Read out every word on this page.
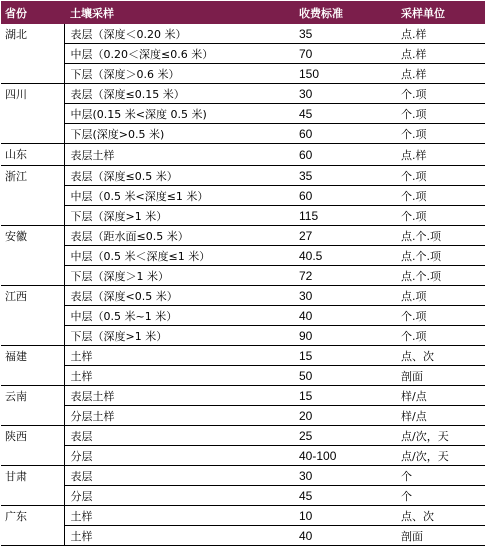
省份	土壤采样	收费标准	采样单位
湖北	表层（深度＜0.20 米）	35	点.样
	中层（0.20＜深度≤0.6 米）	70	点.样
	下层（深度＞0.6 米）	150	点.样
四川	表层（深度≤0.15 米）	30	个.项
	中层(0.15 米<深度 0.5 米)	45	个.项
	下层(深度>0.5 米)	60	个.项
山东	表层土样	60	点.样
浙江	表层（深度≤0.5 米）	35	个.项
	中层（0.5 米<深度≤1 米）	60	个.项
	下层（深度>1 米）	115	个.项
安徽	表层（距水面≤0.5 米）	27	点.个.项
	中层（0.5 米＜深度≤1 米）	40.5	点.个.项
	下层（深度＞1 米）	72	点.个.项
江西	表层（深度<0.5 米）	30	点.项
	中层（0.5 米~1 米）	40	个.项
	下层（深度>1 米）	90	个.项
福建	土样	15	点、次
	土样	50	剖面
云南	表层土样	15	样/点
	分层土样	20	样/点
陕西	表层	25	点/次，天
	分层	40-100	点/次，天
甘肃	表层	30	个
	分层	45	个
广东	土样	10	点、次
	土样	40	剖面
